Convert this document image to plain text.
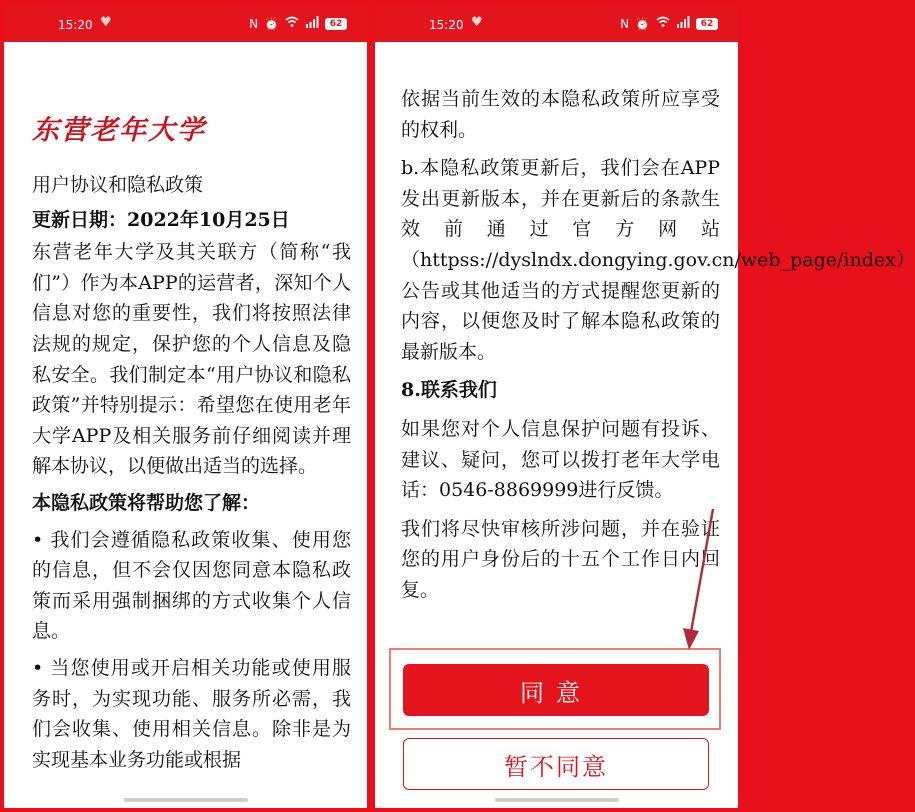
15:20 ♥	N ⏰	62
东营老年大学

用户协议和隐私政策

更新日期：2022年10月25日

东营老年大学及其关联方（简称“我们”）作为本APP的运营者，深知个人信息对您的重要性，我们将按照法律法规的规定，保护您的个人信息及隐私安全。我们制定本“用户协议和隐私政策”并特别提示：希望您在使用老年大学APP及相关服务前仔细阅读并理解本协议，以便做出适当的选择。

本隐私政策将帮助您了解：

• 我们会遵循隐私政策收集、使用您的信息，但不会仅因您同意本隐私政策而采用强制捆绑的方式收集个人信息。

• 当您使用或开启相关功能或使用服务时，为实现功能、服务所必需，我们会收集、使用相关信息。除非是为实现基本业务功能或根据

15:20 ♥	N ⏰	62

依据当前生效的本隐私政策所应享受的权利。

b.本隐私政策更新后，我们会在APP发出更新版本，并在更新后的条款生效前通过官方网站（httpss://dyslndx.dongying.gov.cn/web_page/index）公告或其他适当的方式提醒您更新的内容，以便您及时了解本隐私政策的最新版本。

8.联系我们

如果您对个人信息保护问题有投诉、建议、疑问，您可以拨打老年大学电话：0546-8869999进行反馈。

我们将尽快审核所涉问题，并在验证您的用户身份后的十五个工作日内回复。

同意
暂不同意
